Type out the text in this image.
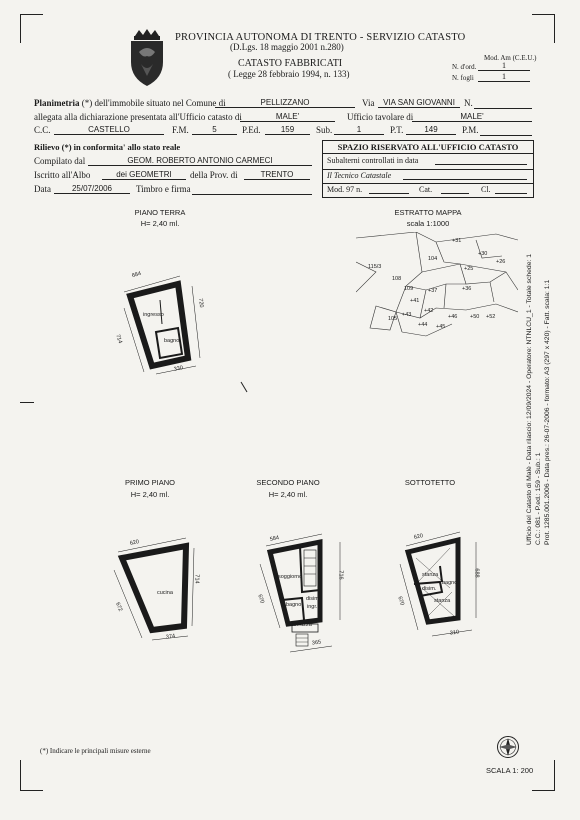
PROVINCIA AUTONOMA DI TRENTO - SERVIZIO CATASTO
(D.Lgs. 18 maggio 2001 n.280)
CATASTO FABBRICATI
( Legge 28 febbraio 1994, n. 133)
Mod. Am (C.E.U.)
N. d'ord.	1
N. fogli	1
Planimetria (*) dell'immobile situato nel Comune di	PELLIZZANO	Via	VIA SAN GIOVANNI	N.
allegata alla dichiarazione presentata all'Ufficio catasto di	MALE'	Ufficio tavolare di	MALE'
C.C.	CASTELLO	F.M.	5	P.Ed.	159	Sub.	1	P.T.	149	P.M.
Rilievo (*) in conformita' allo stato reale
Compilato dal	GEOM. ROBERTO ANTONIO CARMECI
Iscritto all'Albo	dei GEOMETRI	della Prov. di	TRENTO
Data	25/07/2006	Timbro e firma
SPAZIO RISERVATO ALL'UFFICIO CATASTO
Subalterni controllati in data
Il Tecnico Catastale
Mod. 97 n.	Cat.	Cl.
PIANO TERRA
H= 2,40 ml.
ingresso
bagno
684
720
714
330
ESTRATTO MAPPA
scala 1:1000
+31
104
+30
+25
+26
115/3
+37	+36
+41
+42
+43
+44 +45
+46 +50 +52
105
108
109
PRIMO PIANO
H= 2,40 ml.
cucina
620
714
672
374
SECONDO PIANO
H= 2,40 ml.
soggiorno
bagno
disim.
ingr.
terrazza
584
716
670
365
SOTTOTETTO
stanza
stanza
bagno
disim.
620
688
670
310
Ufficio del Catasto di Malè - Data rilascio: 12/09/2024 - Operatore: NTNLCU_1 - Totale schede: 1 C.C.: 081 - P.ed.: 159 - Sub.: 1 Prot. 1285.001.2006 - Data pres.: 26-07-2006 - formato: A3 (297 x 420) - Fatt. scala: 1:1
(*) Indicare le principali misure esterne
SCALA 1: 200
